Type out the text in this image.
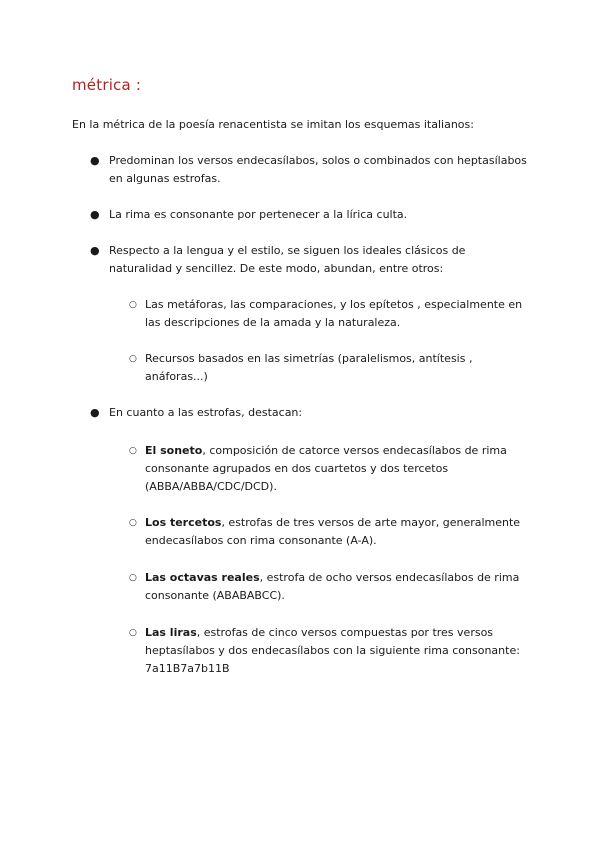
métrica :
En la métrica de la poesía renacentista se imitan los esquemas italianos:
● Predominan los versos endecasílabos, solos o combinados con heptasílabos en algunas estrofas.
● La rima es consonante por pertenecer a la lírica culta.
● Respecto a la lengua y el estilo, se siguen los ideales clásicos de naturalidad y sencillez. De este modo, abundan, entre otros:
○ Las metáforas, las comparaciones, y los epítetos , especialmente en las descripciones de la amada y la naturaleza.
○ Recursos basados en las simetrías (paralelismos, antítesis , anáforas...)
● En cuanto a las estrofas, destacan:
○ El soneto, composición de catorce versos endecasílabos de rima consonante agrupados en dos cuartetos y dos tercetos (ABBA/ABBA/CDC/DCD).
○ Los tercetos, estrofas de tres versos de arte mayor, generalmente endecasílabos con rima consonante (A-A).
○ Las octavas reales, estrofa de ocho versos endecasílabos de rima consonante (ABABABCC).
○ Las liras, estrofas de cinco versos compuestas por tres versos heptasílabos y dos endecasílabos con la siguiente rima consonante: 7a11B7a7b11B
